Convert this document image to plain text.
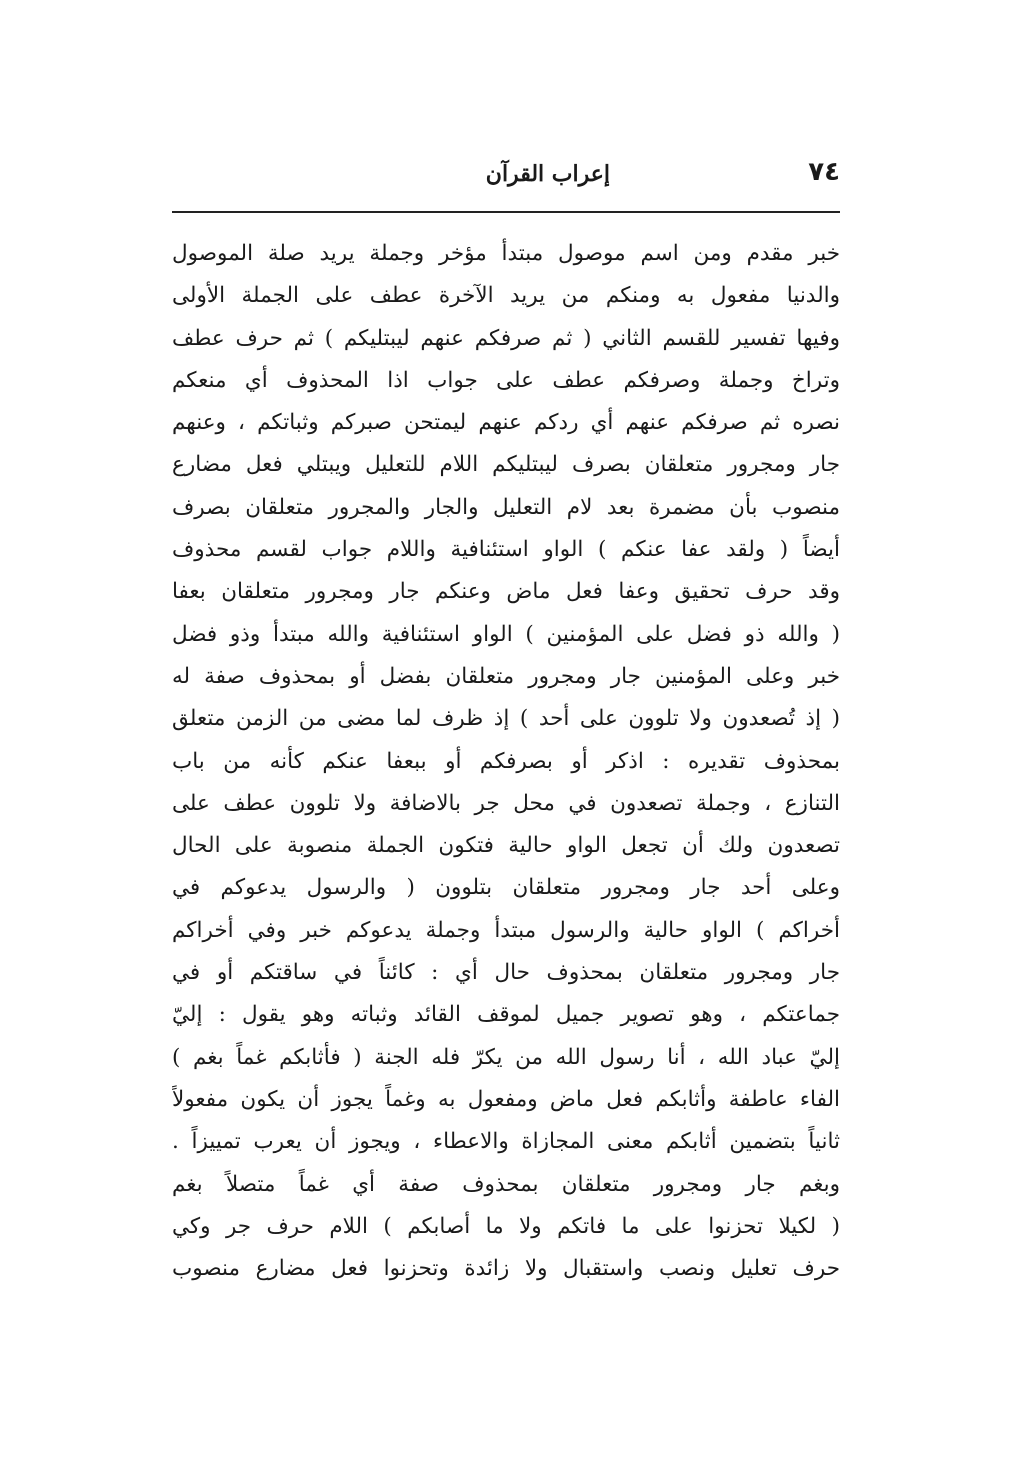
٧٤
إعراب القرآن
خبر مقدم ومن اسم موصول مبتدأ مؤخر وجملة يريد صلة الموصول
والدنيا مفعول به ومنكم من يريد الآخرة عطف على الجملة الأولى
وفيها تفسير للقسم الثاني ( ثم صرفكم عنهم ليبتليكم ) ثم حرف عطف
وتراخ وجملة وصرفكم عطف على جواب اذا المحذوف أي منعكم
نصره ثم صرفكم عنهم أي ردكم عنهم ليمتحن صبركم وثباتكم ، وعنهم
جار ومجرور متعلقان بصرف ليبتليكم اللام للتعليل ويبتلي فعل مضارع
منصوب بأن مضمرة بعد لام التعليل والجار والمجرور متعلقان بصرف
أيضاً ( ولقد عفا عنكم ) الواو استئنافية واللام جواب لقسم محذوف
وقد حرف تحقيق وعفا فعل ماض وعنكم جار ومجرور متعلقان بعفا
( والله ذو فضل على المؤمنين ) الواو استئنافية والله مبتدأ وذو فضل
خبر وعلى المؤمنين جار ومجرور متعلقان بفضل أو بمحذوف صفة له
( إذ تُصعدون ولا تلوون على أحد ) إذ ظرف لما مضى من الزمن متعلق
بمحذوف تقديره : اذكر أو بصرفكم أو ببعفا عنكم كأنه من باب
التنازع ، وجملة تصعدون في محل جر بالاضافة ولا تلوون عطف على
تصعدون ولك أن تجعل الواو حالية فتكون الجملة منصوبة على الحال
وعلى أحد جار ومجرور متعلقان بتلوون ( والرسول يدعوكم في
أخراكم ) الواو حالية والرسول مبتدأ وجملة يدعوكم خبر وفي أخراكم
جار ومجرور متعلقان بمحذوف حال أي : كائناً في ساقتكم أو في
جماعتكم ، وهو تصوير جميل لموقف القائد وثباته وهو يقول : إليّ
إليّ عباد الله ، أنا رسول الله من يكرّ فله الجنة ( فأثابكم غماً بغم )
الفاء عاطفة وأثابكم فعل ماض ومفعول به وغماً يجوز أن يكون مفعولاً
ثانياً بتضمين أثابكم معنى المجازاة والاعطاء ، ويجوز أن يعرب تمييزاً .
وبغم جار ومجرور متعلقان بمحذوف صفة أي غماً متصلاً بغم
( لكيلا تحزنوا على ما فاتكم ولا ما أصابكم ) اللام حرف جر وكي
حرف تعليل ونصب واستقبال ولا زائدة وتحزنوا فعل مضارع منصوب
